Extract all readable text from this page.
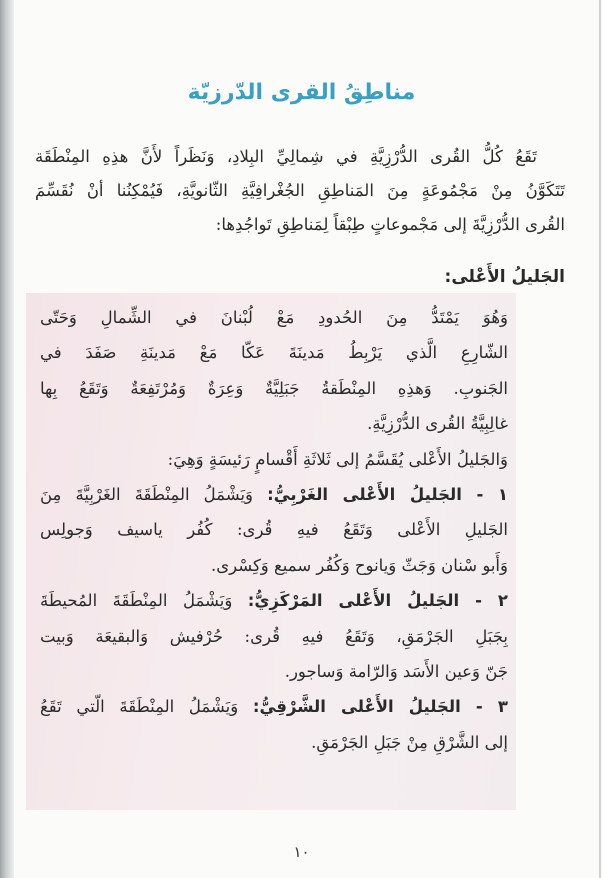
مناطِقُ القرى الدّرزيّة
تَقَعُ كُلُّ القُرى الدُّرْزِيَّةِ في شِمالِيِّ البِلادِ، وَنَظَراً لأَنَّ هذِهِ المِنْطَقَة
تَتَكَوَّنُ مِنْ مَجْمُوعَةٍ مِنَ المَناطِقِ الجُغْرافِيَّةِ الثّانويَّةِ، فَيُمْكِنُنا أنْ نُقَسِّمَ
القُرى الدُّرْزِيَّةَ إلى مَجْموعاتٍ طِبْقاً لِمَناطِقِ تَواجُدِها:
الجَليلُ الأَعْلى:
وَهُوَ يَمْتَدُّ مِنَ الحُدودِ مَعْ لُبْنانَ في الشِّمالِ وَحَتّى
الشّارِعِ الَّذي يَرْبِطُ مَدينَةَ عَكّا مَعْ مَدينَةِ صَفَدَ في
الجَنوبِ. وَهذِهِ المِنْطَقةُ جَبَلِيَّةٌ وَعِرَةٌ وَمُرْتَفِعَةٌ وَتَقَعُ بِها
غالِبِيَّةُ القُرى الدُّرْزِيَّةِ.
وَالجَليلُ الأَعْلى يُقَسَّمُ إلى ثَلاثَةِ أَقْسامٍ رَئيسَةٍ وَهِيَ:
١ - الجَليلُ الأَعْلى الغَرْبِيُّ: وَيَشْمَلُ المِنْطَقَةَ الغَرْبِيَّةَ مِنَ
الجَليلِ الأَعْلى وَتَقَعُ فيهِ قُرى: كُفُر ياسيف وَجولِس
وَأَبو سْنان وَجَثّ وَيانوح وَكُفُر سميع وَكِسْرى.
٢ - الجَليلُ الأَعْلى المَرْكَزِيُّ: وَيَشْمَلُ المِنْطَقَةَ المُحيطَةَ
بِجَبَلِ الجَرْمَقِ، وَتَقَعُ فيهِ قُرى: حُرْفيش وَالبقيعَة وَبيت
جَنّ وَعين الأَسَد وَالرّامة وَساجور.
٣ - الجَليلُ الأَعْلى الشَّرْقِيُّ: وَيَشْمَلُ المِنْطَقَةَ الّتي تَقَعُ
إلى الشَّرْقِ مِنْ جَبَلِ الجَرْمَقِ.
١٠
